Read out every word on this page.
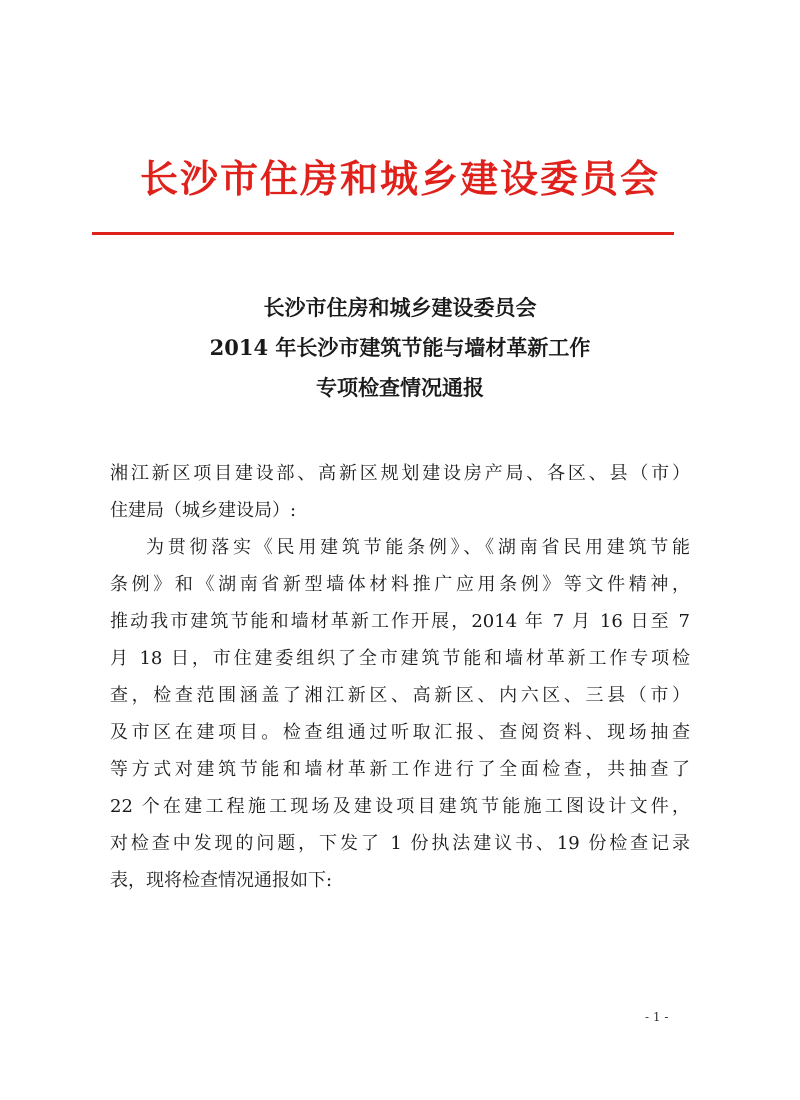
长沙市住房和城乡建设委员会
长沙市住房和城乡建设委员会
2014 年长沙市建筑节能与墙材革新工作
专项检查情况通报
湘江新区项目建设部、高新区规划建设房产局、各区、县（市）
住建局（城乡建设局）:
为贯彻落实《民用建筑节能条例》、《湖南省民用建筑节能
条例》和《湖南省新型墙体材料推广应用条例》等文件精神，
推动我市建筑节能和墙材革新工作开展，2014 年 7 月 16 日至 7
月 18 日，市住建委组织了全市建筑节能和墙材革新工作专项检
查，检查范围涵盖了湘江新区、高新区、内六区、三县（市）
及市区在建项目。检查组通过听取汇报、查阅资料、现场抽查
等方式对建筑节能和墙材革新工作进行了全面检查，共抽查了
22 个在建工程施工现场及建设项目建筑节能施工图设计文件，
对检查中发现的问题，下发了 1 份执法建议书、19 份检查记录
表，现将检查情况通报如下:
- 1 -
